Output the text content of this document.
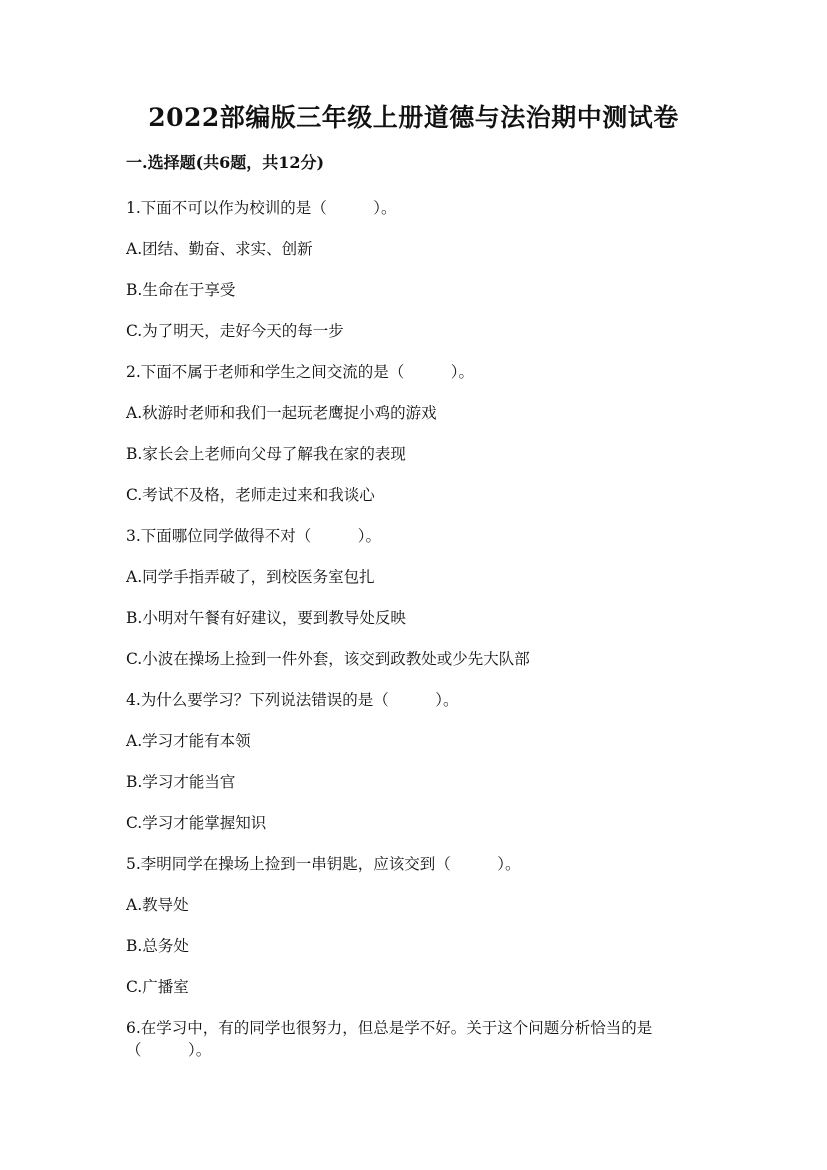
2022部编版三年级上册道德与法治期中测试卷
一.选择题(共6题，共12分)
1.下面不可以作为校训的是（　　　）。
A.团结、勤奋、求实、创新
B.生命在于享受
C.为了明天，走好今天的每一步
2.下面不属于老师和学生之间交流的是（　　　）。
A.秋游时老师和我们一起玩老鹰捉小鸡的游戏
B.家长会上老师向父母了解我在家的表现
C.考试不及格，老师走过来和我谈心
3.下面哪位同学做得不对（　　　）。
A.同学手指弄破了，到校医务室包扎
B.小明对午餐有好建议，要到教导处反映
C.小波在操场上捡到一件外套，该交到政教处或少先大队部
4.为什么要学习？下列说法错误的是（　　　）。
A.学习才能有本领
B.学习才能当官
C.学习才能掌握知识
5.李明同学在操场上捡到一串钥匙，应该交到（　　　）。
A.教导处
B.总务处
C.广播室
6.在学习中，有的同学也很努力，但总是学不好。关于这个问题分析恰当的是
（　　　）。
